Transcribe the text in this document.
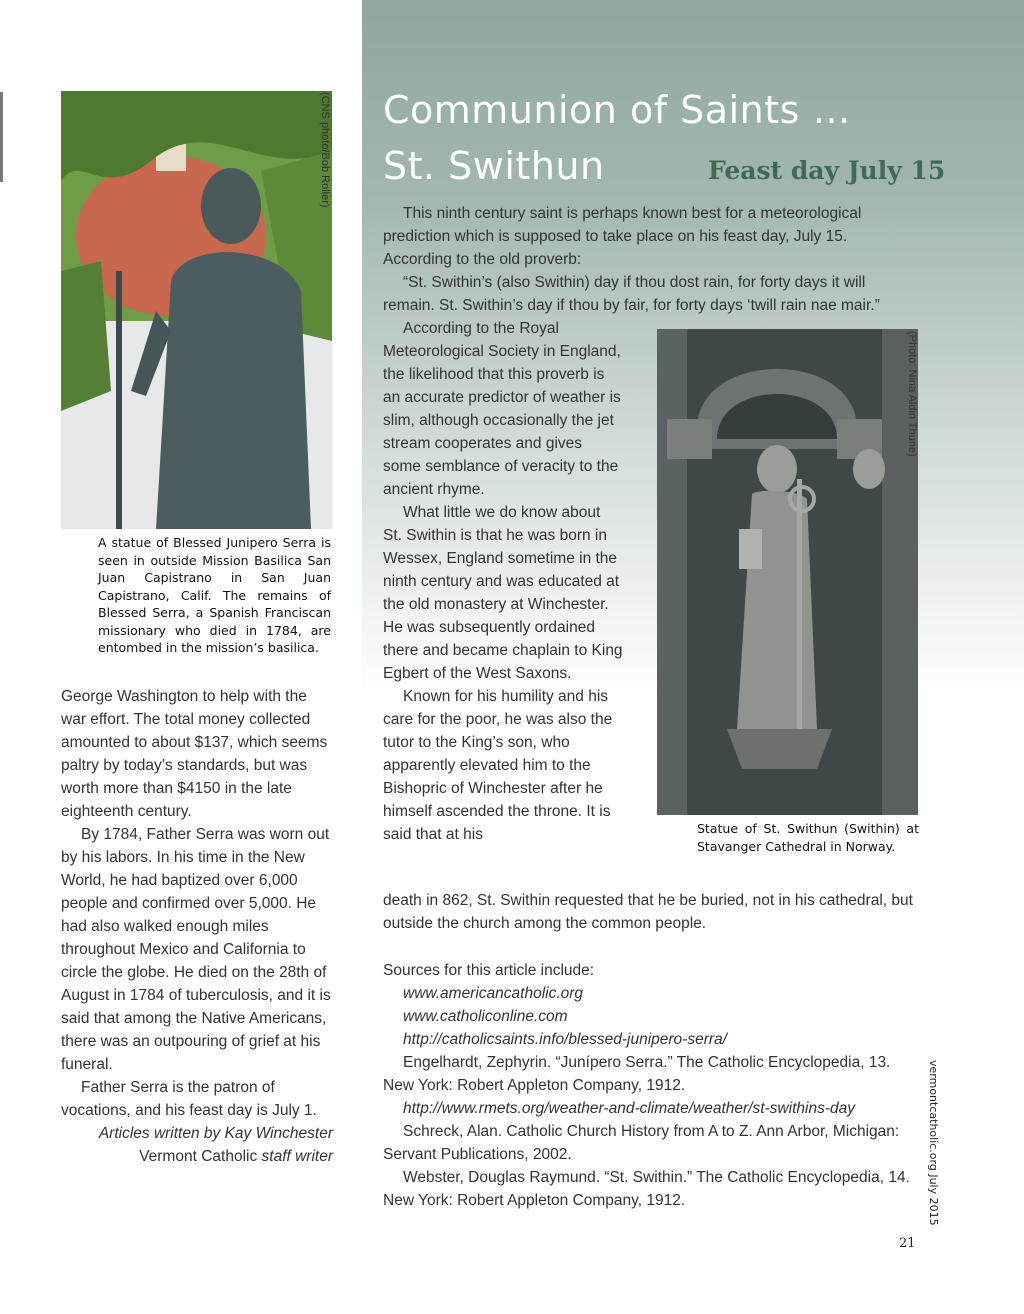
(CNS photo/Bob Roller)
A statue of Blessed Junipero Serra is seen in outside Mission Basilica San Juan Capistrano in San Juan Capistrano, Calif. The remains of Blessed Serra, a Spanish Franciscan missionary who died in 1784, are entombed in the mission’s basilica.
Communion of Saints …
St. Swithun	Feast day July 15

This ninth century saint is perhaps known best for a meteorological prediction which is supposed to take place on his feast day, July 15. According to the old proverb:

“St. Swithin’s (also Swithin) day if thou dost rain, for forty days it will remain. St. Swithin’s day if thou by fair, for forty days ‘twill rain nae mair.”

According to the Royal Meteorological Society in England, the likelihood that this proverb is an accurate predictor of weather is slim, although occasionally the jet stream cooperates and gives some semblance of veracity to the ancient rhyme.

What little we do know about St. Swithin is that he was born in Wessex, England sometime in the ninth century and was educated at the old monastery at Winchester. He was subsequently ordained there and became chaplain to King Egbert of the West Saxons.

Known for his humility and his care for the poor, he was also the tutor to the King’s son, who apparently elevated him to the Bishopric of Winchester after he himself ascended the throne. It is said that at his

(Photo: Nina Aldin Thune)
Statue of St. Swithun (Swithin) at Stavanger Cathedral in Norway.

death in 862, St. Swithin requested that he be buried, not in his cathedral, but outside the church among the common people.

Sources for this article include:

www.americancatholic.org

www.catholiconline.com

http://catholicsaints.info/blessed-junipero-serra/

Engelhardt, Zephyrin. “Junípero Serra.” The Catholic Encyclopedia, 13. New York: Robert Appleton Company, 1912.

http://www.rmets.org/weather-and-climate/weather/st-swithins-day

Schreck, Alan. Catholic Church History from A to Z. Ann Arbor, Michigan: Servant Publications, 2002.

Webster, Douglas Raymund. “St. Swithin.” The Catholic Encyclopedia, 14. New York: Robert Appleton Company, 1912.

George Washington to help with the war effort. The total money collected amounted to about $137, which seems paltry by today’s standards, but was worth more than $4150 in the late eighteenth century.

By 1784, Father Serra was worn out by his labors. In his time in the New World, he had baptized over 6,000 people and confirmed over 5,000. He had also walked enough miles throughout Mexico and California to circle the globe. He died on the 28th of August in 1784 of tuberculosis, and it is said that among the Native Americans, there was an outpouring of grief at his funeral.

Father Serra is the patron of vocations, and his feast day is July 1.

Articles written by Kay Winchester

Vermont Catholic staff writer	vermontcatholic.org July 2015
21
